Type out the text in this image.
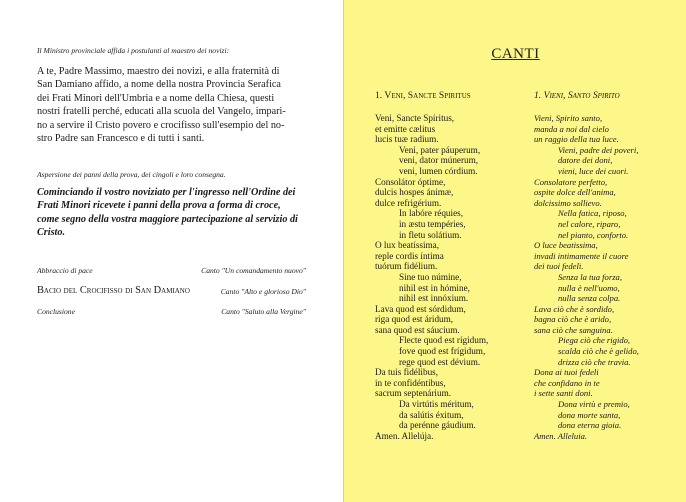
Il Ministro provinciale affida i postulanti al maestro dei novizi:
A te, Padre Massimo, maestro dei novizi, e alla fraternità di
San Damiano affido, a nome della nostra Provincia Serafica
dei Frati Minori dell'Umbria e a nome della Chiesa, questi
nostri fratelli perché, educati alla scuola del Vangelo, impari-
no a servire il Cristo povero e crocifisso sull'esempio del no-
stro Padre san Francesco e di tutti i santi.
Aspersione dei panni della prova, dei cingoli e loro consegna.
Cominciando il vostro noviziato per l'ingresso nell'Ordine dei
Frati Minori ricevete i panni della prova a forma di croce,
come segno della vostra maggiore partecipazione al servizio di
Cristo.
Abbraccio di pace	Canto "Un comandamento nuovo"
Bacio del Crocifisso di San Damiano	Canto "Alto e glorioso Dio"
Conclusione	Canto "Saluto alla Vergine"
CANTI
1. Veni, Sancte Spiritus	1. Vieni, Santo Spirito
Veni, Sancte Spíritus,
et emitte cælitus
lucis tuæ radium.
Veni, pater páuperum,
veni, dator múnerum,
veni, lumen córdium.
Consolátor óptime,
dulcis hospes ánimæ,
dulce refrigérium.
In labóre réquies,
in æstu tempéries,
in fletu solátium.
O lux beatíssima,
reple cordis íntima
tuórum fidélium.
Sine tuo númine,
nihil est in hómine,
nihil est innóxium.
Lava quod est sórdidum,
riga quod est áridum,
sana quod est sáucium.
Flecte quod est rígidum,
fove quod est frígidum,
rege quod est dévium.
Da tuis fidélibus,
in te confidéntibus,
sacrum septenárium.
Da virtútis méritum,
da salútis éxitum,
da perénne gáudium.
Amen. Allelúja.
Vieni, Spirito santo,
manda a noi dal cielo
un raggio della tua luce.
Vieni, padre dei poveri,
datore dei doni,
vieni, luce dei cuori.
Consolatore perfetto,
ospite dolce dell'anima,
dolcissimo sollievo.
Nella fatica, riposo,
nel calore, riparo,
nel pianto, conforto.
O luce beatissima,
invadi intimamente il cuore
dei tuoi fedeli.
Senza la tua forza,
nulla è nell'uomo,
nulla senza colpa.
Lava ciò che è sordido,
bagna ciò che è arido,
sana ciò che sanguina.
Piega ciò che rigido,
scalda ciò che è gelido,
drizza ciò che travia.
Dona ai tuoi fedeli
che confidano in te
i sette santi doni.
Dona virtù e premio,
dona morte santa,
dona eterna gioia.
Amen. Alleluia.
